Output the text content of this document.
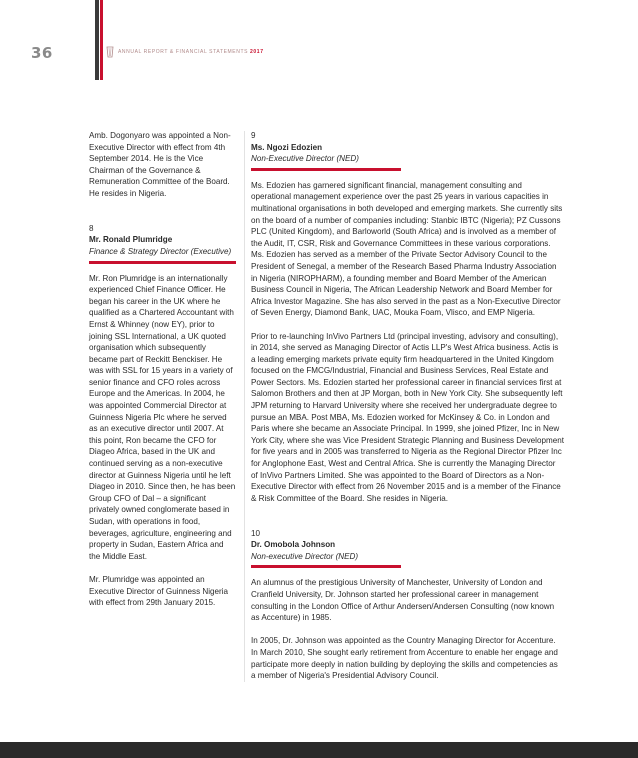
36	ANNUAL REPORT & FINANCIAL STATEMENTS 2017

Amb. Dogonyaro was appointed a Non-Executive Director with effect from 4th September 2014. He is the Vice Chairman of the Governance & Remuneration Committee of the Board. He resides in Nigeria.

8
Mr. Ronald Plumridge
Finance & Strategy Director (Executive)

Mr. Ron Plumridge is an internationally experienced Chief Finance Officer. He began his career in the UK where he qualified as a Chartered Accountant with Ernst & Whinney (now EY), prior to joining SSL International, a UK quoted organisation which subsequently became part of Reckitt Benckiser. He was with SSL for 15 years in a variety of senior finance and CFO roles across Europe and the Americas. In 2004, he was appointed Commercial Director at Guinness Nigeria Plc where he served as an executive director until 2007. At this point, Ron became the CFO for Diageo Africa, based in the UK and continued serving as a non-executive director at Guinness Nigeria until he left Diageo in 2010. Since then, he has been Group CFO of Dal – a significant privately owned conglomerate based in Sudan, with operations in food, beverages, agriculture, engineering and property in Sudan, Eastern Africa and the Middle East.

Mr. Plumridge was appointed an Executive Director of Guinness Nigeria with effect from 29th January 2015.

9
Ms. Ngozi Edozien
Non-Executive Director (NED)

Ms. Edozien has garnered significant financial, management consulting and operational management experience over the past 25 years in various capacities in multinational organisations in both developed and emerging markets. She currently sits on the board of a number of companies including: Stanbic IBTC (Nigeria); PZ Cussons PLC (United Kingdom), and Barloworld (South Africa) and is involved as a member of the Audit, IT, CSR, Risk and Governance Committees in these various corporations. Ms. Edozien has served as a member of the Private Sector Advisory Council to the President of Senegal, a member of the Research Based Pharma Industry Association in Nigeria (NIROPHARM), a founding member and Board Member of the American Business Council in Nigeria, The African Leadership Network and Board Member for Africa Investor Magazine. She has also served in the past as a Non-Executive Director of Seven Energy, Diamond Bank, UAC, Mouka Foam, Vlisco, and EMP Nigeria.

Prior to re-launching InVivo Partners Ltd (principal investing, advisory and consulting), in 2014, she served as Managing Director of Actis LLP's West Africa business. Actis is a leading emerging markets private equity firm headquartered in the United Kingdom focused on the FMCG/Industrial, Financial and Business Services, Real Estate and Power Sectors. Ms. Edozien started her professional career in financial services first at Salomon Brothers and then at JP Morgan, both in New York City. She subsequently left JPM returning to Harvard University where she received her undergraduate degree to pursue an MBA. Post MBA, Ms. Edozien worked for McKinsey & Co. in London and Paris where she became an Associate Principal. In 1999, she joined Pfizer, Inc in New York City, where she was Vice President Strategic Planning and Business Development for five years and in 2005 was transferred to Nigeria as the Regional Director Pfizer Inc for Anglophone East, West and Central Africa. She is currently the Managing Director of InVivo Partners Limited. She was appointed to the Board of Directors as a Non-Executive Director with effect from 26 November 2015 and is a member of the Finance & Risk Committee of the Board. She resides in Nigeria.

10
Dr. Omobola Johnson
Non-executive Director (NED)

An alumnus of the prestigious University of Manchester, University of London and Cranfield University, Dr. Johnson started her professional career in management consulting in the London Office of Arthur Andersen/Andersen Consulting (now known as Accenture) in 1985.

In 2005, Dr. Johnson was appointed as the Country Managing Director for Accenture. In March 2010, She sought early retirement from Accenture to enable her engage and participate more deeply in nation building by deploying the skills and competencies as a member of Nigeria's Presidential Advisory Council.
